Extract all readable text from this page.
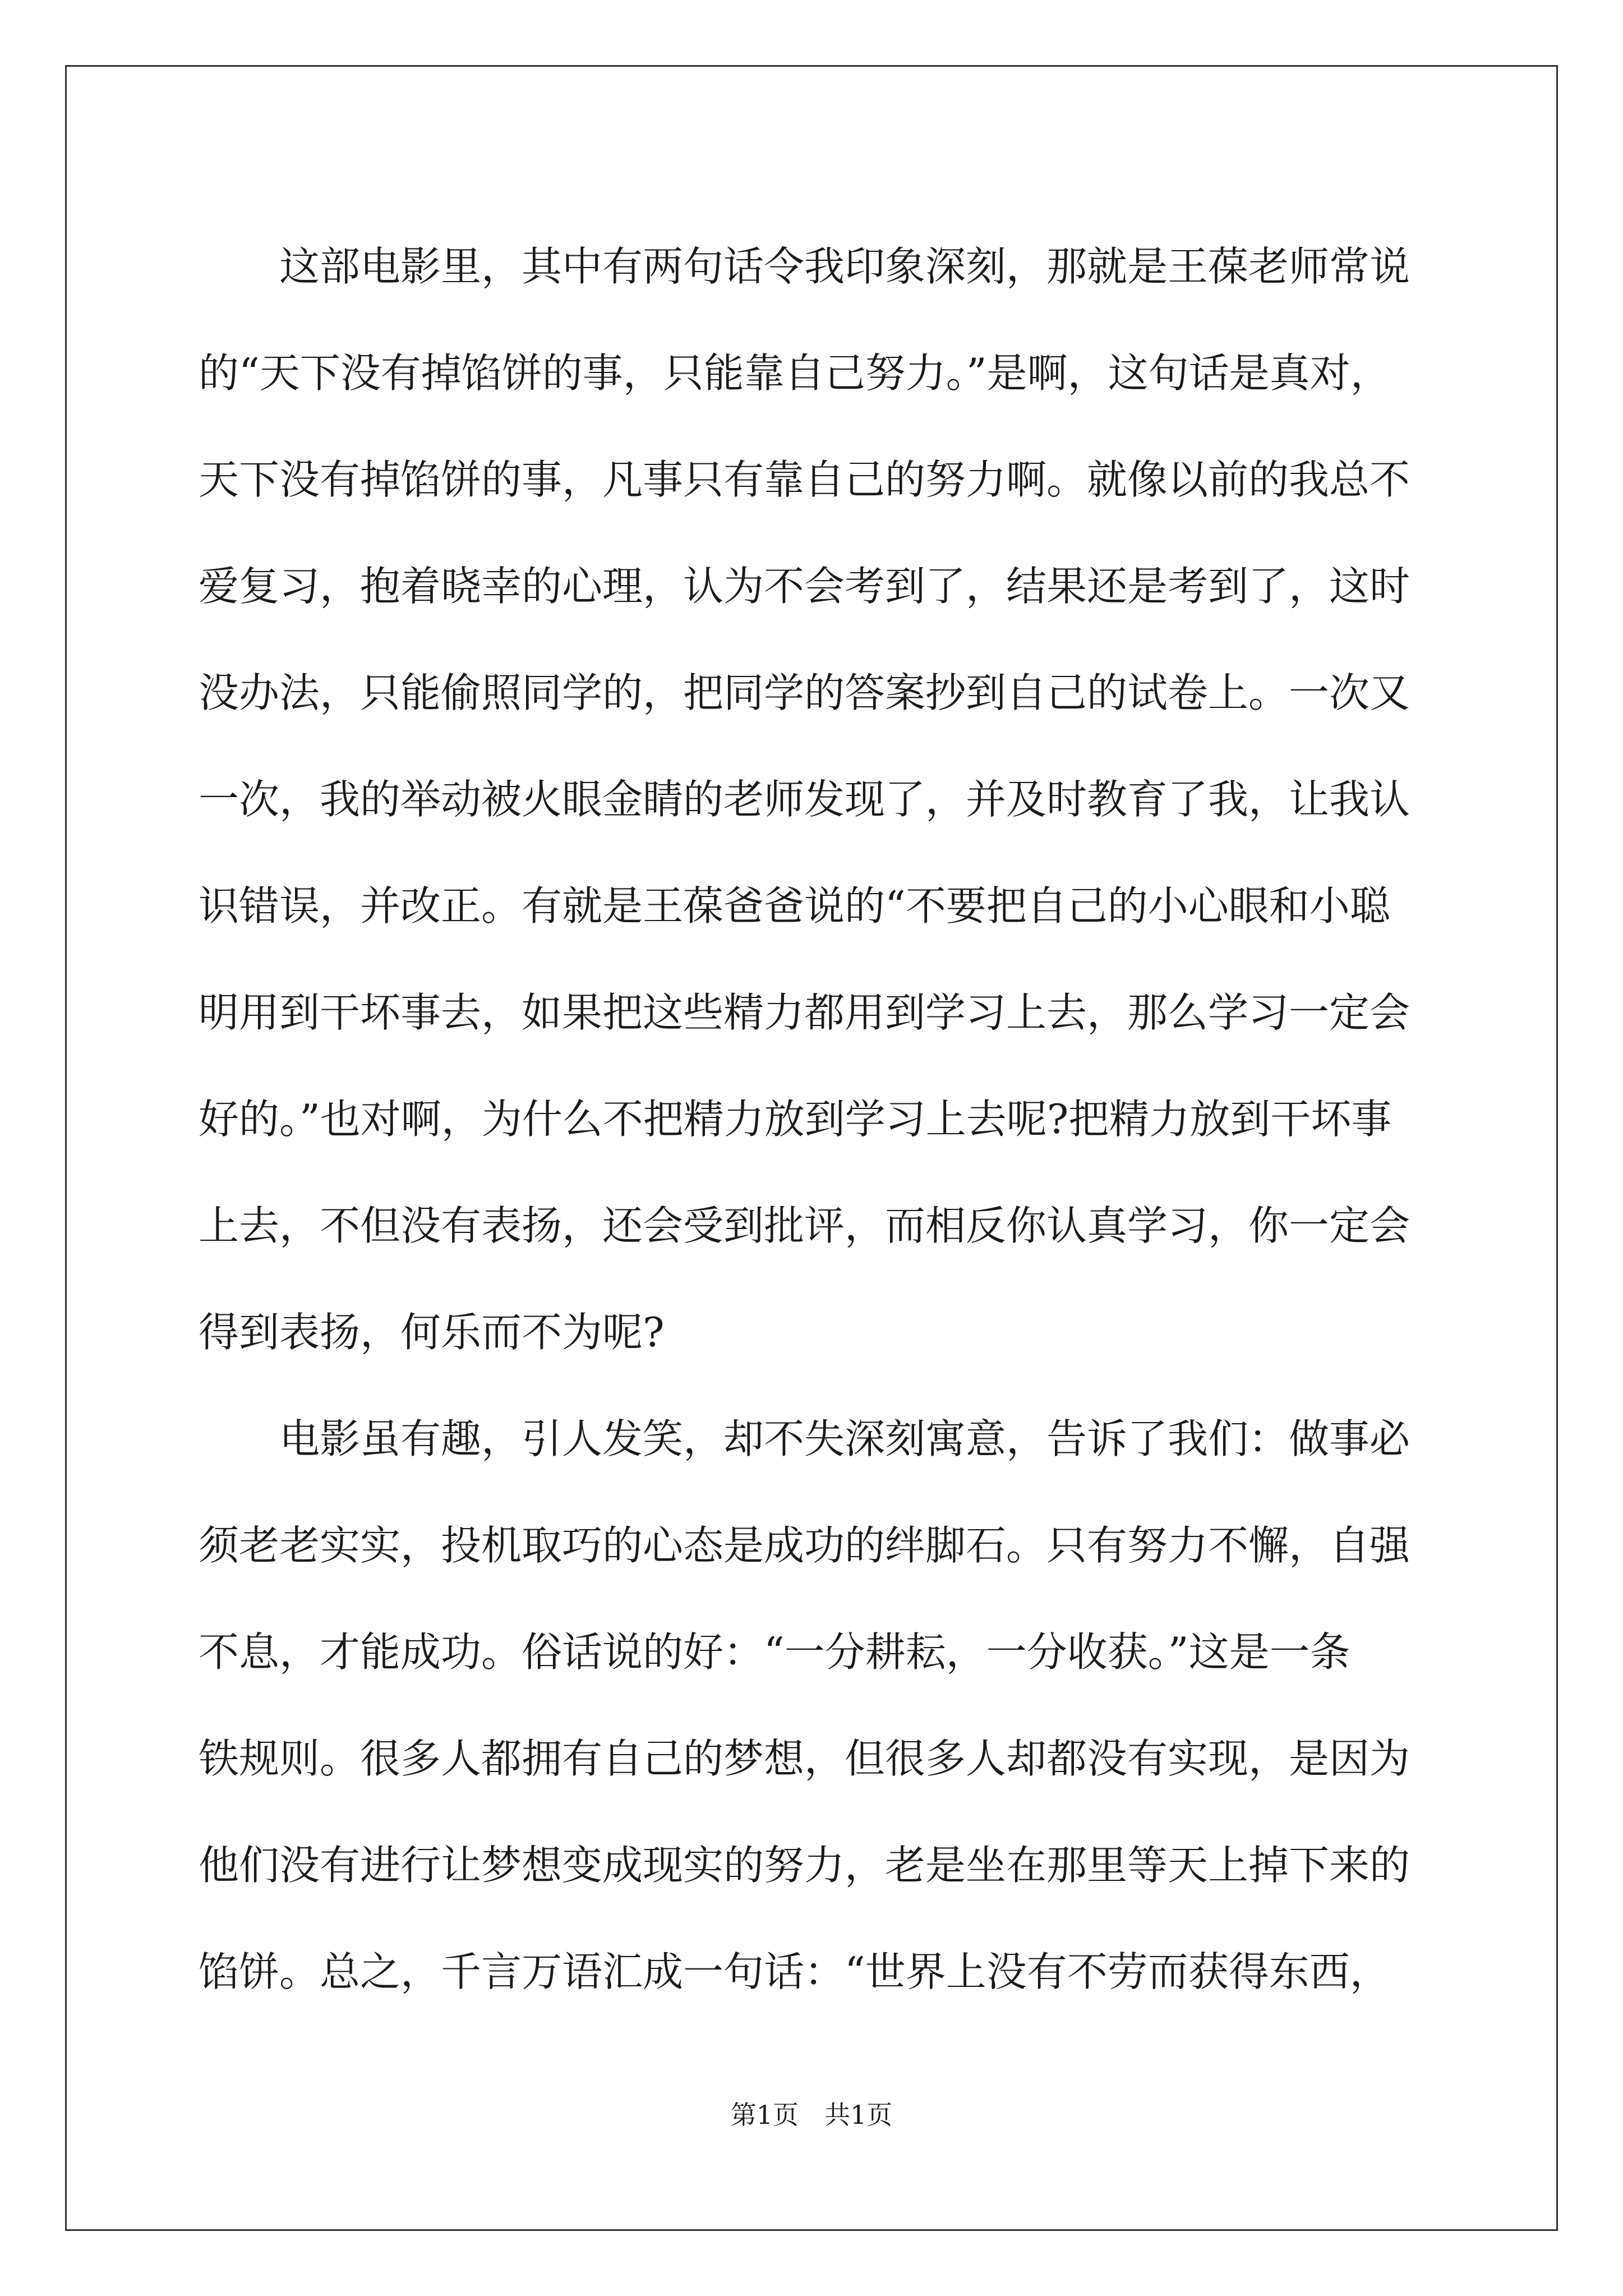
这部电影里，其中有两句话令我印象深刻，那就是王葆老师常说
的“天下没有掉馅饼的事，只能靠自己努力。”是啊，这句话是真对，
天下没有掉馅饼的事，凡事只有靠自己的努力啊。就像以前的我总不
爱复习，抱着晓幸的心理，认为不会考到了，结果还是考到了，这时
没办法，只能偷照同学的，把同学的答案抄到自己的试卷上。一次又
一次，我的举动被火眼金睛的老师发现了，并及时教育了我，让我认
识错误，并改正。有就是王葆爸爸说的“不要把自己的小心眼和小聪
明用到干坏事去，如果把这些精力都用到学习上去，那么学习一定会
好的。”也对啊，为什么不把精力放到学习上去呢?把精力放到干坏事
上去，不但没有表扬，还会受到批评，而相反你认真学习，你一定会
得到表扬，何乐而不为呢?
电影虽有趣，引人发笑，却不失深刻寓意，告诉了我们：做事必
须老老实实，投机取巧的心态是成功的绊脚石。只有努力不懈，自强
不息，才能成功。俗话说的好：“一分耕耘，一分收获。”这是一条
铁规则。很多人都拥有自己的梦想，但很多人却都没有实现，是因为
他们没有进行让梦想变成现实的努力，老是坐在那里等天上掉下来的
馅饼。总之，千言万语汇成一句话：“世界上没有不劳而获得东西，
第1页 共1页
